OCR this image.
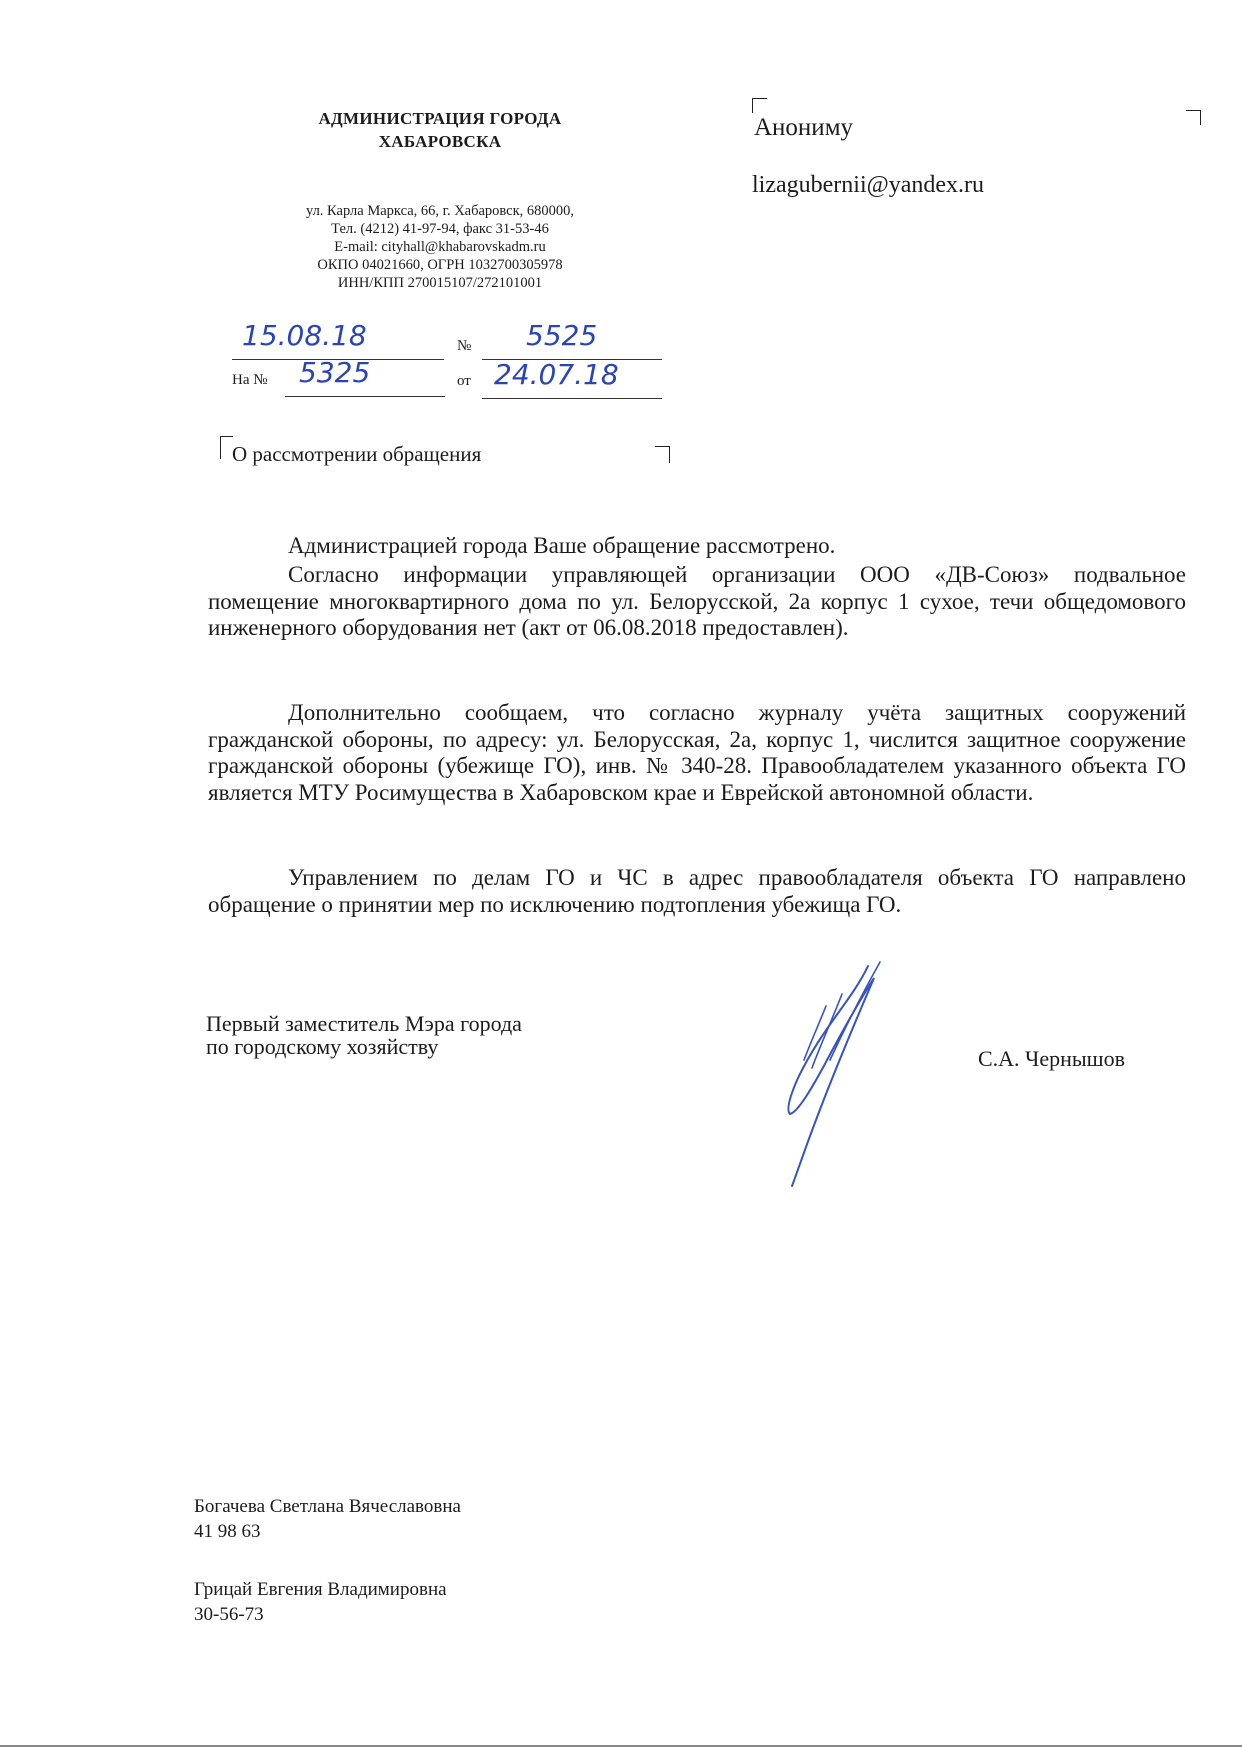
АДМИНИСТРАЦИЯ ГОРОДА
ХАБАРОВСКА
ул. Карла Маркса, 66, г. Хабаровск, 680000,
Тел. (4212) 41-97-94, факс 31-53-46
E-mail: cityhall@khabarovskadm.ru
ОКПО 04021660, ОГРН 1032700305978
ИНН/КПП 270015107/272101001
15.08.18	№ 5525
На № 5325	от 24.07.18
Анониму
lizagubernii@yandex.ru
О рассмотрении обращения
Администрацией города Ваше обращение рассмотрено.
Согласно информации управляющей организации ООО «ДВ-Союз» подвальное помещение многоквартирного дома по ул. Белорусской, 2а корпус 1 сухое, течи общедомового инженерного оборудования нет (акт от 06.08.2018 предоставлен).
Дополнительно сообщаем, что согласно журналу учёта защитных сооружений гражданской обороны, по адресу: ул. Белорусская, 2а, корпус 1, числится защитное сооружение гражданской обороны (убежище ГО), инв. № 340-28. Правообладателем указанного объекта ГО является МТУ Росимущества в Хабаровском крае и Еврейской автономной области.
Управлением по делам ГО и ЧС в адрес правообладателя объекта ГО направлено обращение о принятии мер по исключению подтопления убежища ГО.
Первый заместитель Мэра города
по городскому хозяйству	С.А. Чернышов
Богачева Светлана Вячеславовна
41 98 63
Грицай Евгения Владимировна
30-56-73
